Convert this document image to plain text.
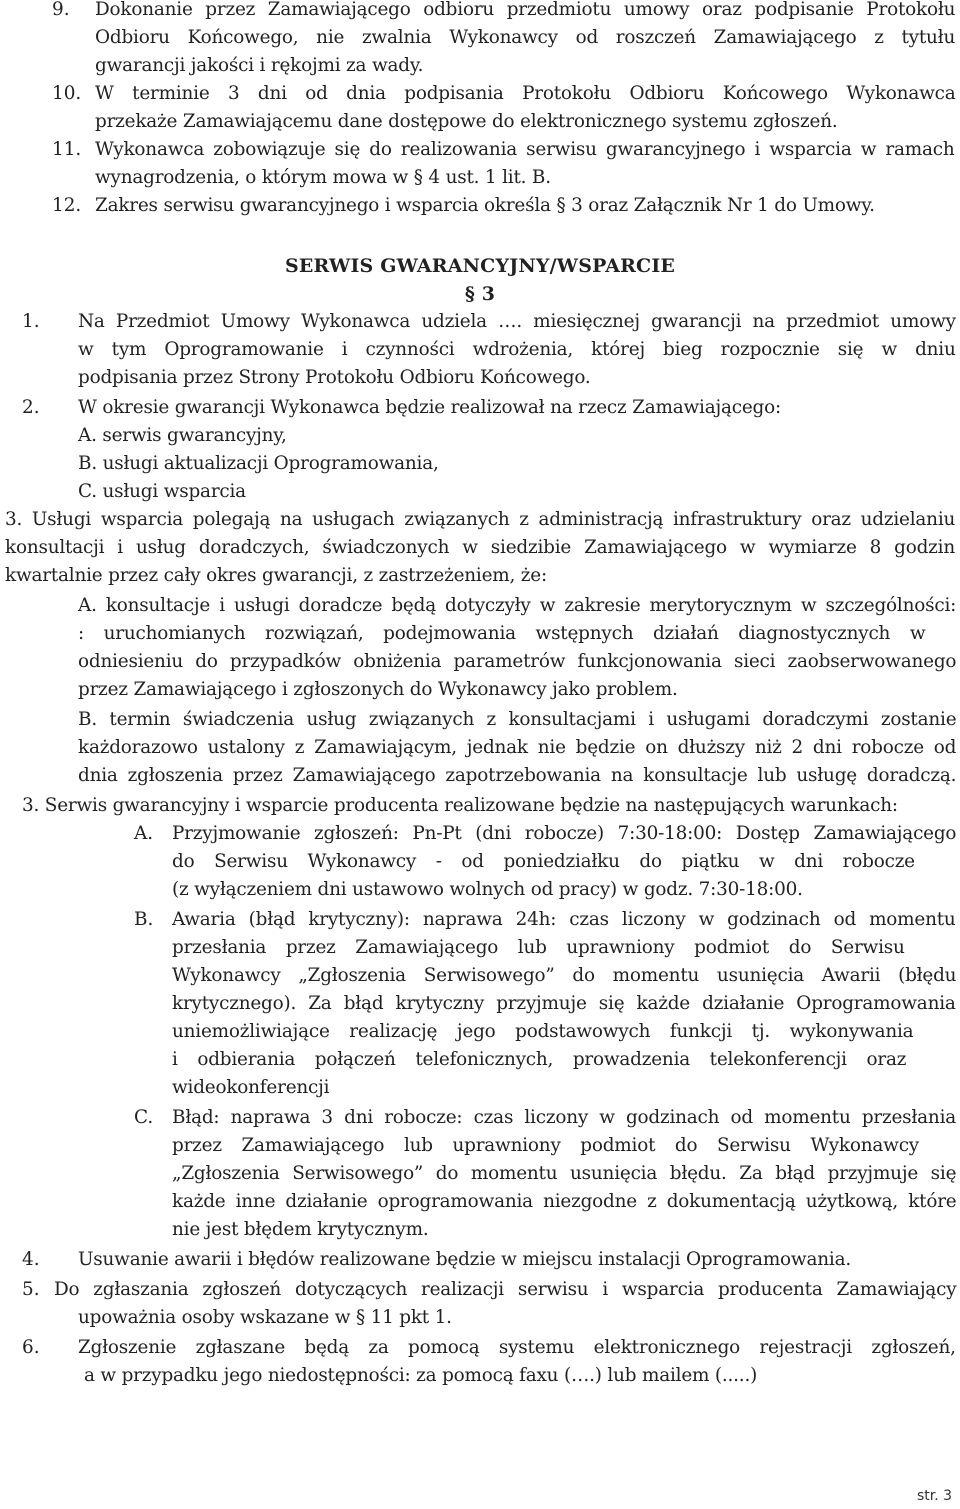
9. Dokonanie przez Zamawiającego odbioru przedmiotu umowy oraz podpisanie Protokołu
Odbioru Końcowego, nie zwalnia Wykonawcy od roszczeń Zamawiającego z tytułu
gwarancji jakości i rękojmi za wady.
10. W terminie 3 dni od dnia podpisania Protokołu Odbioru Końcowego Wykonawca
przekaże Zamawiającemu dane dostępowe do elektronicznego systemu zgłoszeń.
11. Wykonawca zobowiązuje się do realizowania serwisu gwarancyjnego i wsparcia w ramach
wynagrodzenia, o którym mowa w § 4 ust. 1 lit. B.
12. Zakres serwisu gwarancyjnego i wsparcia określa § 3 oraz Załącznik Nr 1 do Umowy.
SERWIS GWARANCYJNY/WSPARCIE
§ 3
1. Na Przedmiot Umowy Wykonawca udziela …. miesięcznej gwarancji na przedmiot umowy
w tym Oprogramowanie i czynności wdrożenia, której bieg rozpocznie się w dniu
podpisania przez Strony Protokołu Odbioru Końcowego.
2. W okresie gwarancji Wykonawca będzie realizował na rzecz Zamawiającego:
A. serwis gwarancyjny,
B. usługi aktualizacji Oprogramowania,
C. usługi wsparcia
3. Usługi wsparcia polegają na usługach związanych z administracją infrastruktury oraz udzielaniu
konsultacji i usług doradczych, świadczonych w siedzibie Zamawiającego w wymiarze 8 godzin
kwartalnie przez cały okres gwarancji, z zastrzeżeniem, że:
A. konsultacje i usługi doradcze będą dotyczyły w zakresie merytorycznym w szczególności:
: uruchomianych rozwiązań, podejmowania wstępnych działań diagnostycznych w
odniesieniu do przypadków obniżenia parametrów funkcjonowania sieci zaobserwowanego
przez Zamawiającego i zgłoszonych do Wykonawcy jako problem.
B. termin świadczenia usług związanych z konsultacjami i usługami doradczymi zostanie
każdorazowo ustalony z Zamawiającym, jednak nie będzie on dłuższy niż 2 dni robocze od
dnia zgłoszenia przez Zamawiającego zapotrzebowania na konsultacje lub usługę doradczą.
3. Serwis gwarancyjny i wsparcie producenta realizowane będzie na następujących warunkach:
A. Przyjmowanie zgłoszeń: Pn-Pt (dni robocze) 7:30-18:00: Dostęp Zamawiającego
do Serwisu Wykonawcy - od poniedziałku do piątku w dni robocze
(z wyłączeniem dni ustawowo wolnych od pracy) w godz. 7:30-18:00.
B. Awaria (błąd krytyczny): naprawa 24h: czas liczony w godzinach od momentu
przesłania przez Zamawiającego lub uprawniony podmiot do Serwisu
Wykonawcy „Zgłoszenia Serwisowego” do momentu usunięcia Awarii (błędu
krytycznego). Za błąd krytyczny przyjmuje się każde działanie Oprogramowania
uniemożliwiające realizację jego podstawowych funkcji tj. wykonywania
i odbierania połączeń telefonicznych, prowadzenia telekonferencji oraz
wideokonferencji
C. Błąd: naprawa 3 dni robocze: czas liczony w godzinach od momentu przesłania
przez Zamawiającego lub uprawniony podmiot do Serwisu Wykonawcy
„Zgłoszenia Serwisowego” do momentu usunięcia błędu. Za błąd przyjmuje się
każde inne działanie oprogramowania niezgodne z dokumentacją użytkową, które
nie jest błędem krytycznym.
4. Usuwanie awarii i błędów realizowane będzie w miejscu instalacji Oprogramowania.
5. Do zgłaszania zgłoszeń dotyczących realizacji serwisu i wsparcia producenta Zamawiający
upoważnia osoby wskazane w § 11 pkt 1.
6. Zgłoszenie zgłaszane będą za pomocą systemu elektronicznego rejestracji zgłoszeń,
a w przypadku jego niedostępności: za pomocą faxu (….) lub mailem (.....)
str. 3
